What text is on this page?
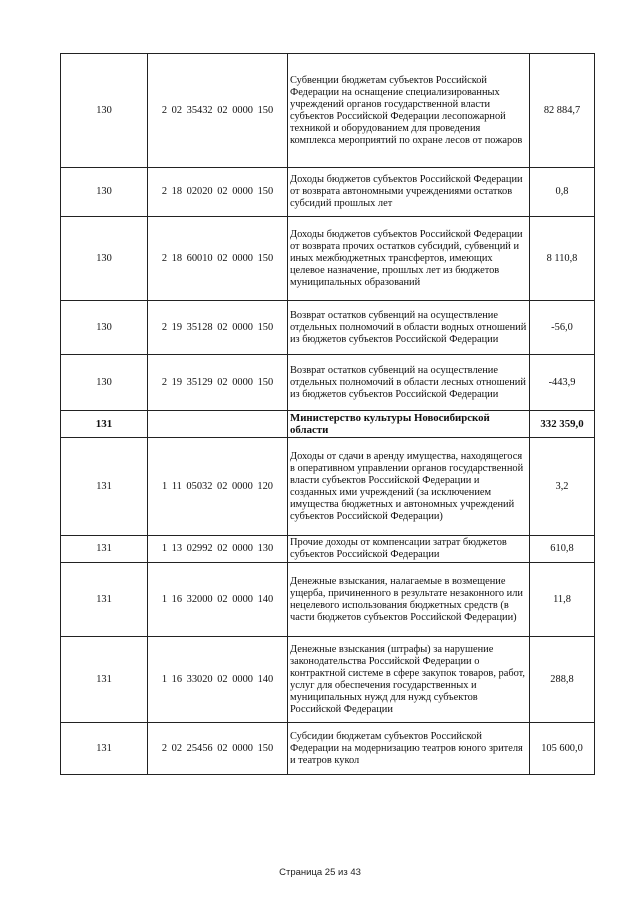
130	2 02 35432 02 0000 150	Субвенции бюджетам субъектов Российской Федерации на оснащение специализированных учреждений органов государственной власти субъектов Российской Федерации лесопожарной техникой и оборудованием для проведения комплекса мероприятий по охране лесов от пожаров	82 884,7
130	2 18 02020 02 0000 150	Доходы бюджетов субъектов Российской Федерации от возврата автономными учреждениями остатков субсидий прошлых лет	0,8
130	2 18 60010 02 0000 150	Доходы бюджетов субъектов Российской Федерации от возврата прочих остатков субсидий, субвенций и иных межбюджетных трансфертов, имеющих целевое назначение, прошлых лет из бюджетов муниципальных образований	8 110,8
130	2 19 35128 02 0000 150	Возврат остатков субвенций на осуществление отдельных полномочий в области водных отношений из бюджетов субъектов Российской Федерации	-56,0
130	2 19 35129 02 0000 150	Возврат остатков субвенций на осуществление отдельных полномочий в области лесных отношений из бюджетов субъектов Российской Федерации	-443,9
131		Министерство культуры Новосибирской области	332 359,0
131	1 11 05032 02 0000 120	Доходы от сдачи в аренду имущества, находящегося в оперативном управлении органов государственной власти субъектов Российской Федерации и созданных ими учреждений (за исключением имущества бюджетных и автономных учреждений субъектов Российской Федерации)	3,2
131	1 13 02992 02 0000 130	Прочие доходы от компенсации затрат бюджетов субъектов Российской Федерации	610,8
131	1 16 32000 02 0000 140	Денежные взыскания, налагаемые в возмещение ущерба, причиненного в результате незаконного или нецелевого использования бюджетных средств (в части бюджетов субъектов Российской Федерации)	11,8
131	1 16 33020 02 0000 140	Денежные взыскания (штрафы) за нарушение законодательства Российской Федерации о контрактной системе в сфере закупок товаров, работ, услуг для обеспечения государственных и муниципальных нужд для нужд субъектов Российской Федерации	288,8
131	2 02 25456 02 0000 150	Субсидии бюджетам субъектов Российской Федерации на модернизацию театров юного зрителя и театров кукол	105 600,0
Страница 25 из 43
